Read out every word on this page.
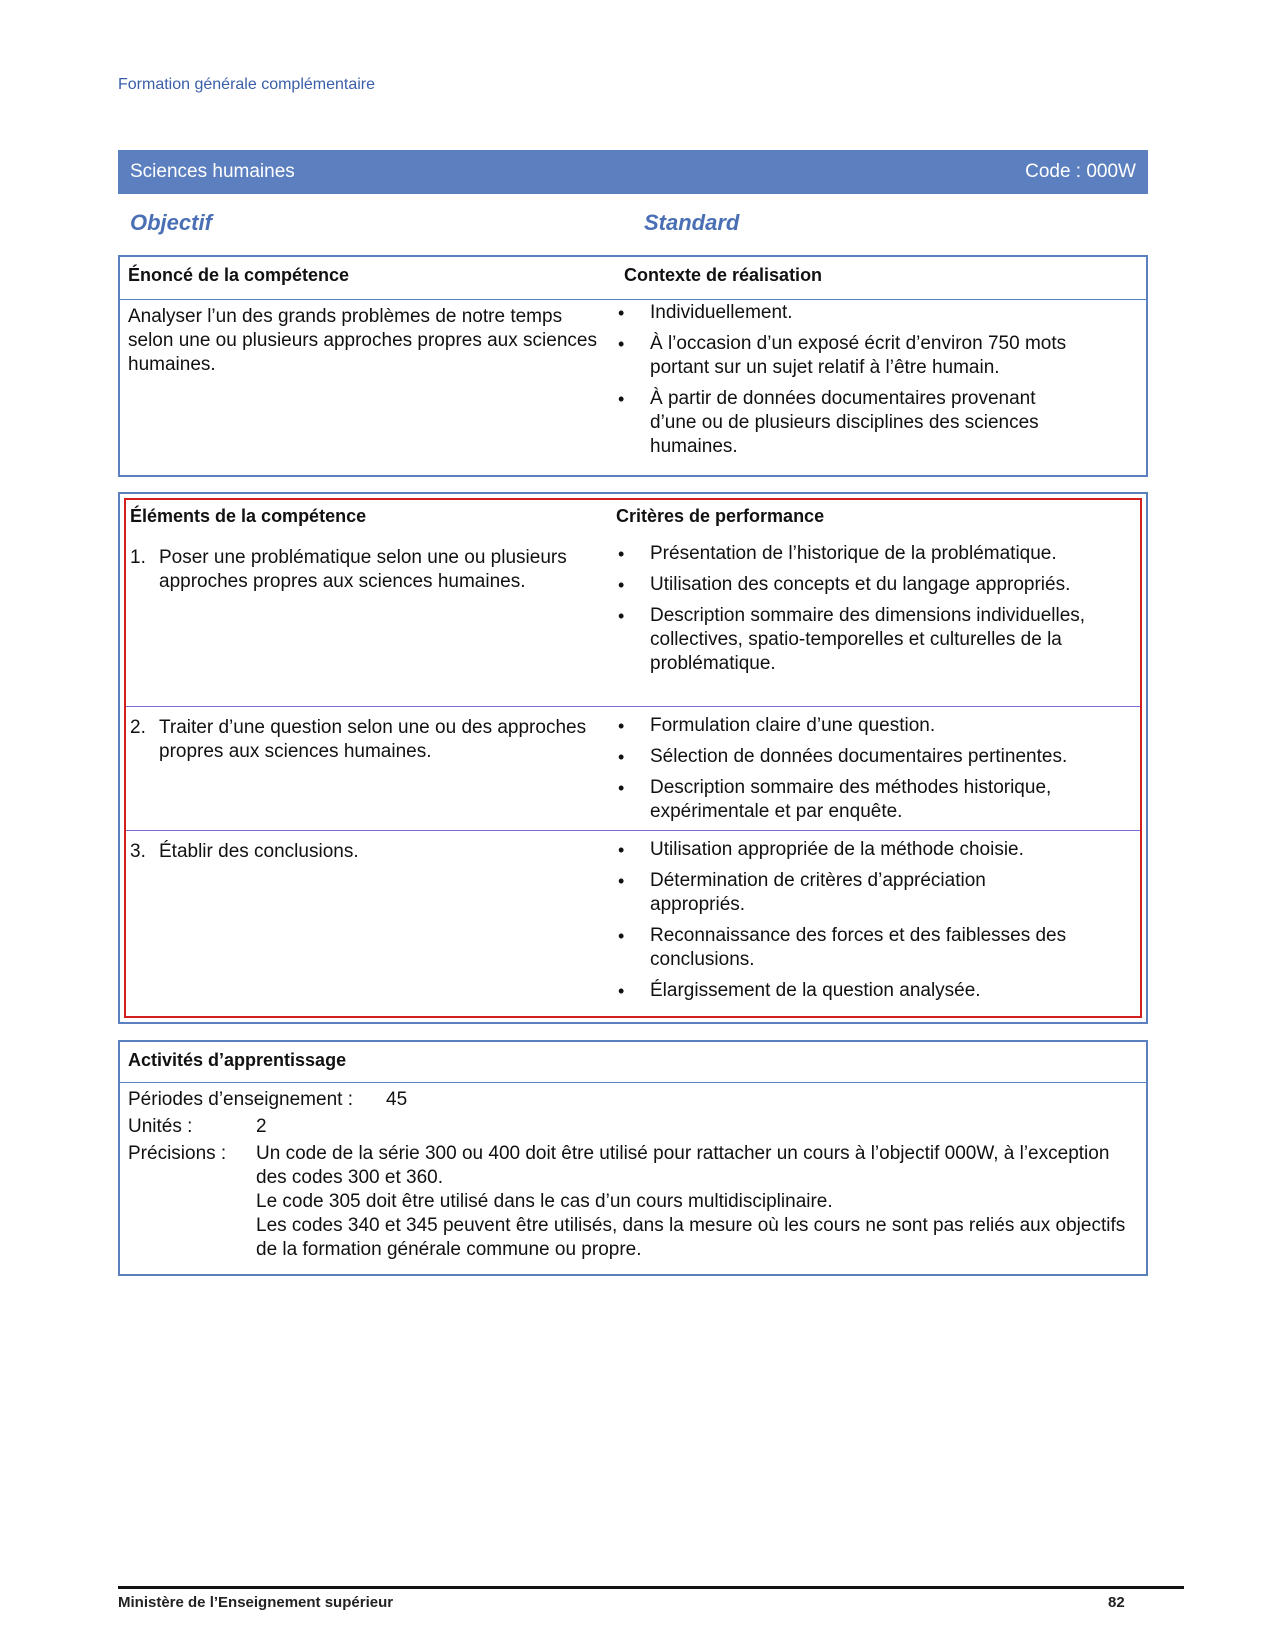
Formation générale complémentaire
Sciences humaines	Code : 000W
Objectif	Standard
Énoncé de la compétence	Contexte de réalisation
Analyser l’un des grands problèmes de notre temps selon une ou plusieurs approches propres aux sciences humaines.
• Individuellement.
• À l’occasion d’un exposé écrit d’environ 750 mots portant sur un sujet relatif à l’être humain.
• À partir de données documentaires provenant d’une ou de plusieurs disciplines des sciences humaines.
Éléments de la compétence	Critères de performance
1. Poser une problématique selon une ou plusieurs approches propres aux sciences humaines.
• Présentation de l’historique de la problématique.
• Utilisation des concepts et du langage appropriés.
• Description sommaire des dimensions individuelles, collectives, spatio-temporelles et culturelles de la problématique.
2. Traiter d’une question selon une ou des approches propres aux sciences humaines.
• Formulation claire d’une question.
• Sélection de données documentaires pertinentes.
• Description sommaire des méthodes historique, expérimentale et par enquête.
3. Établir des conclusions.
•	Utilisation appropriée de la méthode choisie.
• Détermination de critères d’appréciation appropriés.
• Reconnaissance des forces et des faiblesses des conclusions.
• Élargissement de la question analysée.
Activités d’apprentissage
Périodes d’enseignement : 45
Unités :	2
Précisions : Un code de la série 300 ou 400 doit être utilisé pour rattacher un cours à l’objectif 000W, à l’exception des codes 300 et 360.
Le code 305 doit être utilisé dans le cas d’un cours multidisciplinaire.
Les codes 340 et 345 peuvent être utilisés, dans la mesure où les cours ne sont pas reliés aux objectifs de la formation générale commune ou propre.
Ministère de l’Enseignement supérieur	82
